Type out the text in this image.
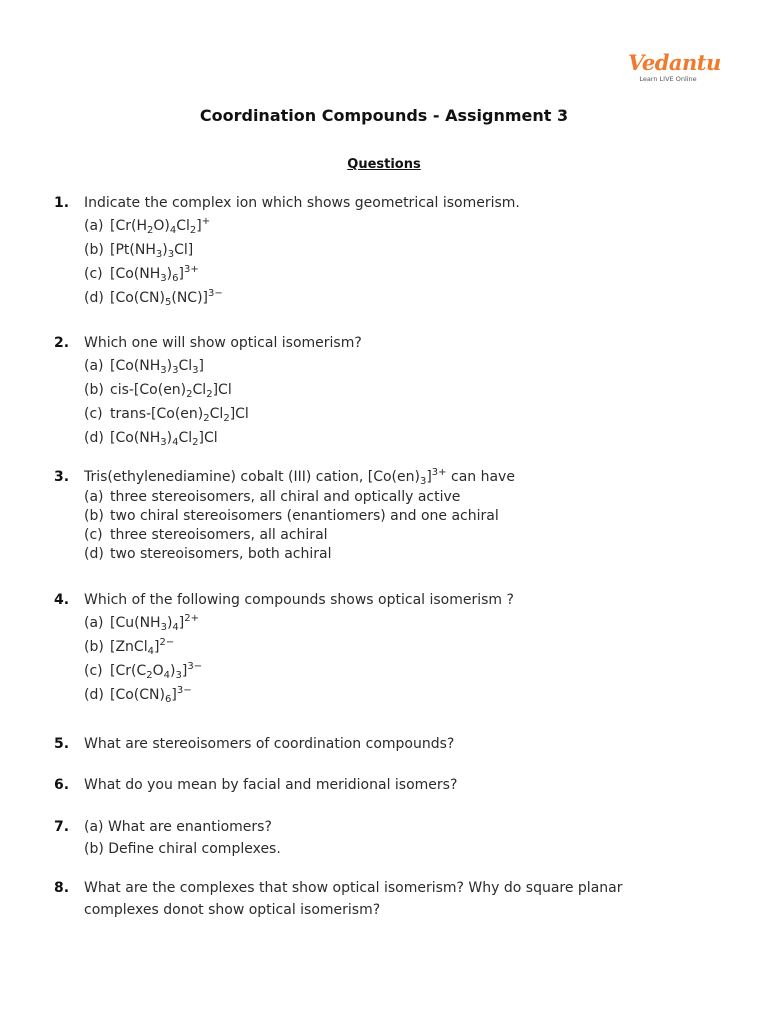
Vedantu
Learn LIVE Online
Coordination Compounds - Assignment 3
Questions
1. Indicate the complex ion which shows geometrical isomerism.
(a) $[Cr(H_2O)_4Cl_2]^+$
(b) $[Pt(NH_3)_3Cl]$
(c) $[Co(NH_3)_6]^{3+}$
(d) $[Co(CN)_5(NC)]^{3-}$
2. Which one will show optical isomerism?
(a) $[Co(NH_3)_3Cl_3]$
(b) cis-$[Co(en)_2Cl_2]Cl$
(c) trans-$[Co(en)_2Cl_2]Cl$
(d) $[Co(NH_3)_4Cl_2]Cl$
3. Tris(ethylenediamine) cobalt (III) cation, $[Co(en)_3]^{3+}$ can have
(a) three stereoisomers, all chiral and optically active
(b) two chiral stereoisomers (enantiomers) and one achiral
(c) three stereoisomers, all achiral
(d) two stereoisomers, both achiral
4. Which of the following compounds shows optical isomerism ?
(a) $[Cu(NH_3)_4]^{2+}$
(b) [ZnCl$_4$]$^{2-}$
(c) $[Cr(C_2O_4)_3]^{3-}$
(d) $[Co(CN)_6]^{3-}$
5. What are stereoisomers of coordination compounds?
6. What do you mean by facial and meridional isomers?
7. (a) What are enantiomers?
(b) Define chiral complexes.
8. What are the complexes that show optical isomerism? Why do square planar
complexes donot show optical isomerism?
